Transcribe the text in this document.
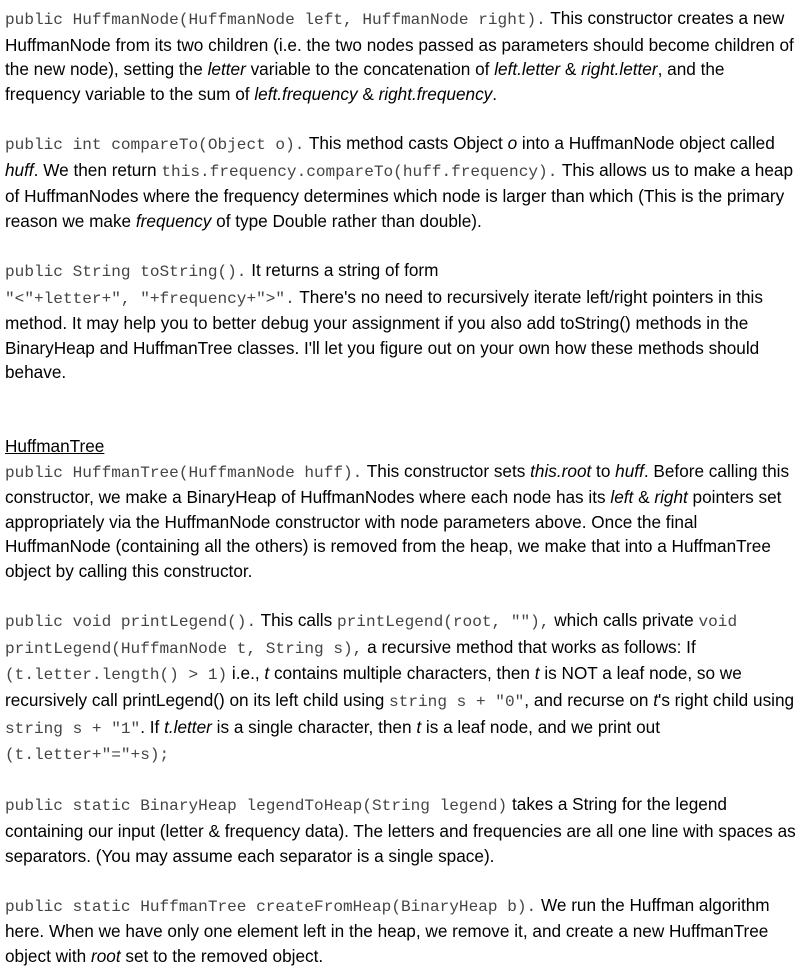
public HuffmanNode(HuffmanNode left, HuffmanNode right). This constructor creates a new HuffmanNode from its two children (i.e. the two nodes passed as parameters should become children of the new node), setting the letter variable to the concatenation of left.letter & right.letter, and the frequency variable to the sum of left.frequency & right.frequency.

public int compareTo(Object o). This method casts Object o into a HuffmanNode object called huff. We then return this.frequency.compareTo(huff.frequency). This allows us to make a heap of HuffmanNodes where the frequency determines which node is larger than which (This is the primary reason we make frequency of type Double rather than double).

public String toString(). It returns a string of form
"<"+letter+", "+frequency+">". There's no need to recursively iterate left/right pointers in this method. It may help you to better debug your assignment if you also add toString() methods in the BinaryHeap and HuffmanTree classes. I'll let you figure out on your own how these methods should behave.

HuffmanTree

public HuffmanTree(HuffmanNode huff). This constructor sets this.root to huff. Before calling this constructor, we make a BinaryHeap of HuffmanNodes where each node has its left & right pointers set appropriately via the HuffmanNode constructor with node parameters above. Once the final HuffmanNode (containing all the others) is removed from the heap, we make that into a HuffmanTree object by calling this constructor.

public void printLegend(). This calls printLegend(root, ""), which calls private void printLegend(HuffmanNode t, String s), a recursive method that works as follows: If (t.letter.length() > 1) i.e., t contains multiple characters, then t is NOT a leaf node, so we recursively call printLegend() on its left child using string s + "0", and recurse on t's right child using string s + "1". If t.letter is a single character, then t is a leaf node, and we print out (t.letter+"="+s);

public static BinaryHeap legendToHeap(String legend) takes a String for the legend containing our input (letter & frequency data). The letters and frequencies are all one line with spaces as separators. (You may assume each separator is a single space).

public static HuffmanTree createFromHeap(BinaryHeap b). We run the Huffman algorithm here. When we have only one element left in the heap, we remove it, and create a new HuffmanTree object with root set to the removed object.
